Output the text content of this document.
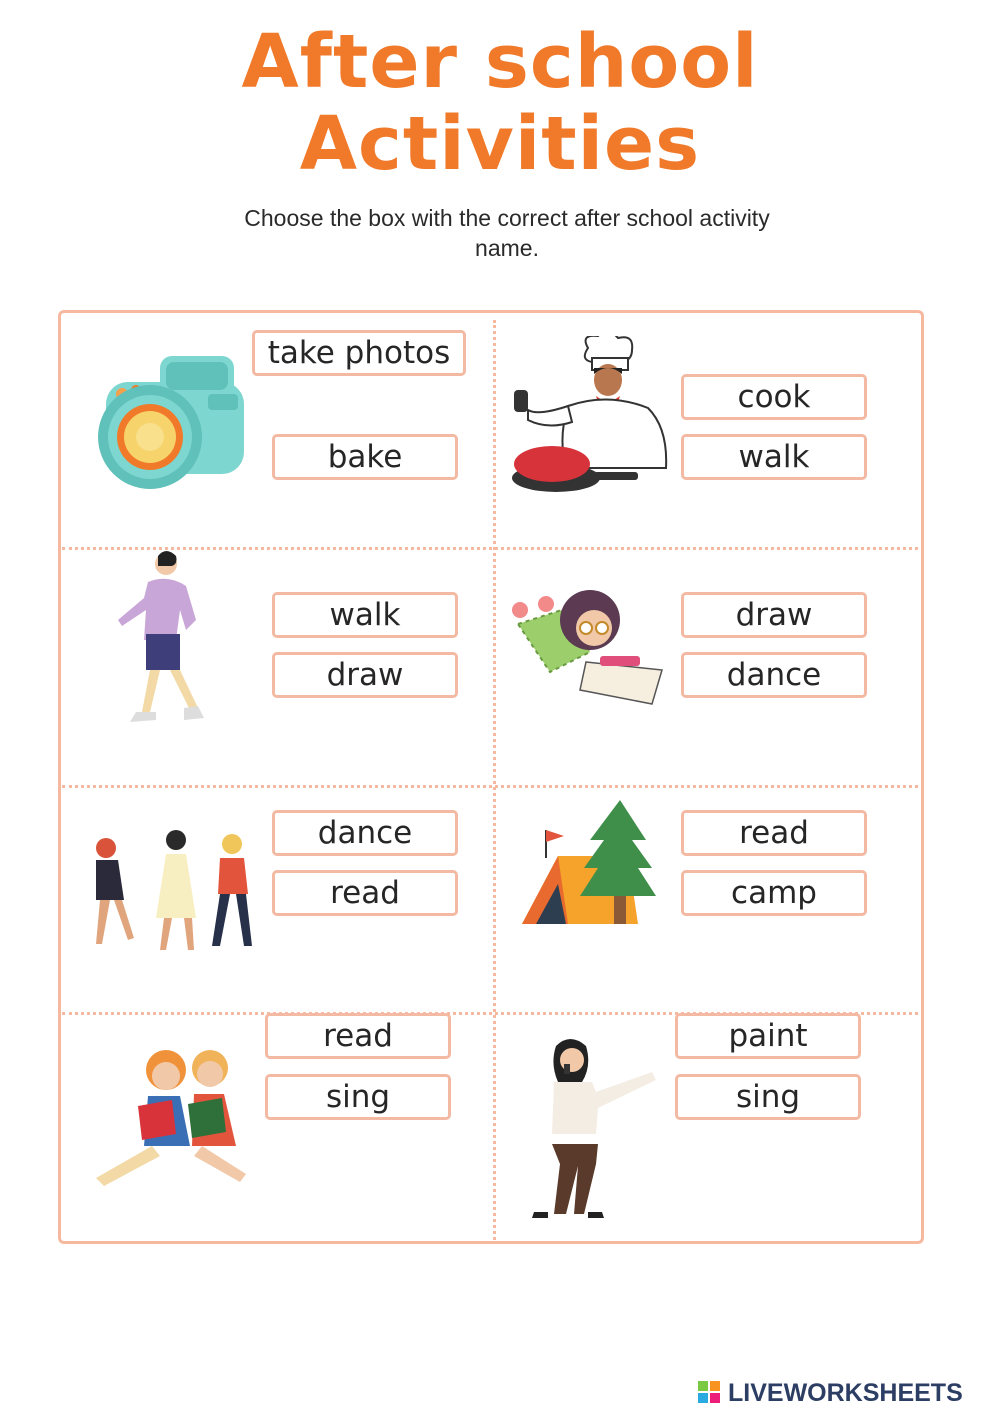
After school
Activities
Choose the box with the correct after school activity
name.
take photos
bake
cook
walk
walk
draw
draw
dance
dance
read
read
camp
read
sing
paint
sing
LIVEWORKSHEETS
